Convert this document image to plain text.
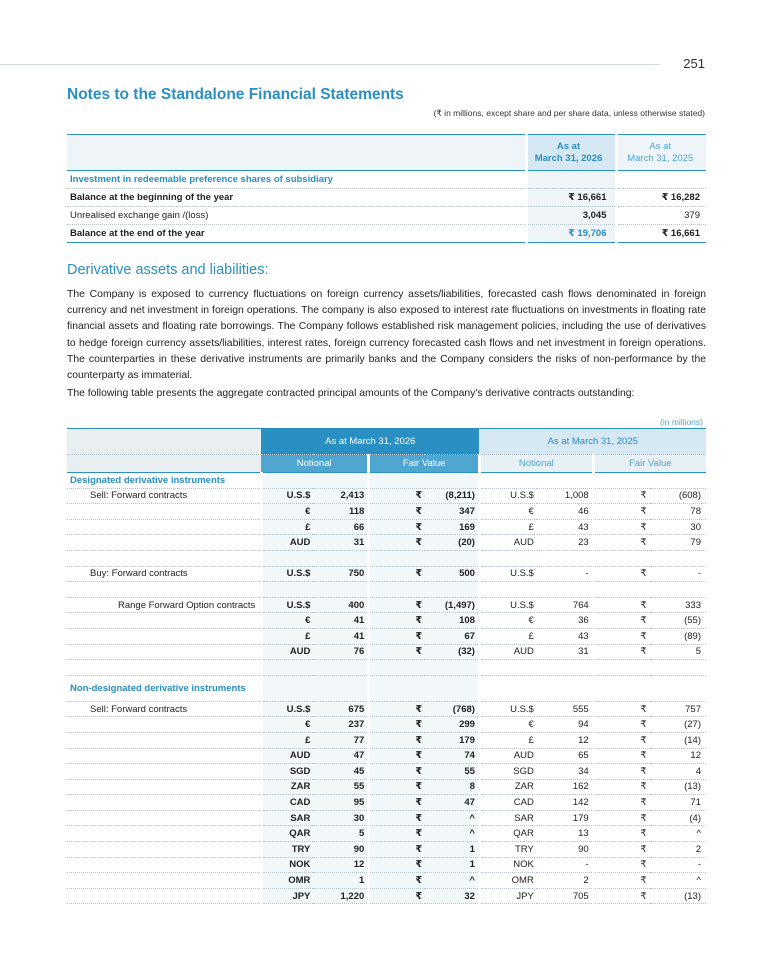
251
Notes to the Standalone Financial Statements
(₹ in millions, except share and per share data, unless otherwise stated)
	As at
March 31, 2026	As at
March 31, 2025
Investment in redeemable preference shares of subsidiary		
Balance at the beginning of the year	₹ 16,661	₹ 16,282
Unrealised exchange gain /(loss)	3,045	379
Balance at the end of the year	₹ 19,706	₹ 16,661
Derivative assets and liabilities:

The Company is exposed to currency fluctuations on foreign currency assets/liabilities, forecasted cash flows denominated in foreign currency and net investment in foreign operations. The company is also exposed to interest rate fluctuations on investments in floating rate financial assets and floating rate borrowings. The Company follows established risk management policies, including the use of derivatives to hedge foreign currency assets/liabilities, interest rates, foreign currency forecasted cash flows and net investment in foreign operations. The counterparties in these derivative instruments are primarily banks and the Company considers the risks of non-performance by the counterparty as immaterial.

The following table presents the aggregate contracted principal amounts of the Company's derivative contracts outstanding:

(in millions)
	As at March 31, 2026				As at March 31, 2025			
	Notional		Fair Value		Notional		Fair Value	
Designated derivative instruments								
Sell: Forward contracts	U.S.$	2,413	₹	(8,211)	U.S.$	1,008	₹	(608)
	€	118	₹	347	€	46	₹	78
	£	66	₹	169	£	43	₹	30
	AUD	31	₹	(20)	AUD	23	₹	79

Buy: Forward contracts	U.S.$	750	₹	500	U.S.$	-	₹	-

Range Forward Option contracts	U.S.$	400	₹	(1,497)	U.S.$	764	₹	333
	€	41	₹	108	€	36	₹	(55)
	£	41	₹	67	£	43	₹	(89)
	AUD	76	₹	(32)	AUD	31	₹	5

Non-designated derivative instruments								
Sell: Forward contracts	U.S.$	675	₹	(768)	U.S.$	555	₹	757
	€	237	₹	299	€	94	₹	(27)
	£	77	₹	179	£	12	₹	(14)
	AUD	47	₹	74	AUD	65	₹	12
	SGD	45	₹	55	SGD	34	₹	4
	ZAR	55	₹	8	ZAR	162	₹	(13)
	CAD	95	₹	47	CAD	142	₹	71
	SAR	30	₹	^	SAR	179	₹	(4)
	QAR	5	₹	^	QAR	13	₹	^
	TRY	90	₹	1	TRY	90	₹	2
	NOK	12	₹	1	NOK	-	₹	-
	OMR	1	₹	^	OMR	2	₹	^
	JPY	1,220	₹	32	JPY	705	₹	(13)
